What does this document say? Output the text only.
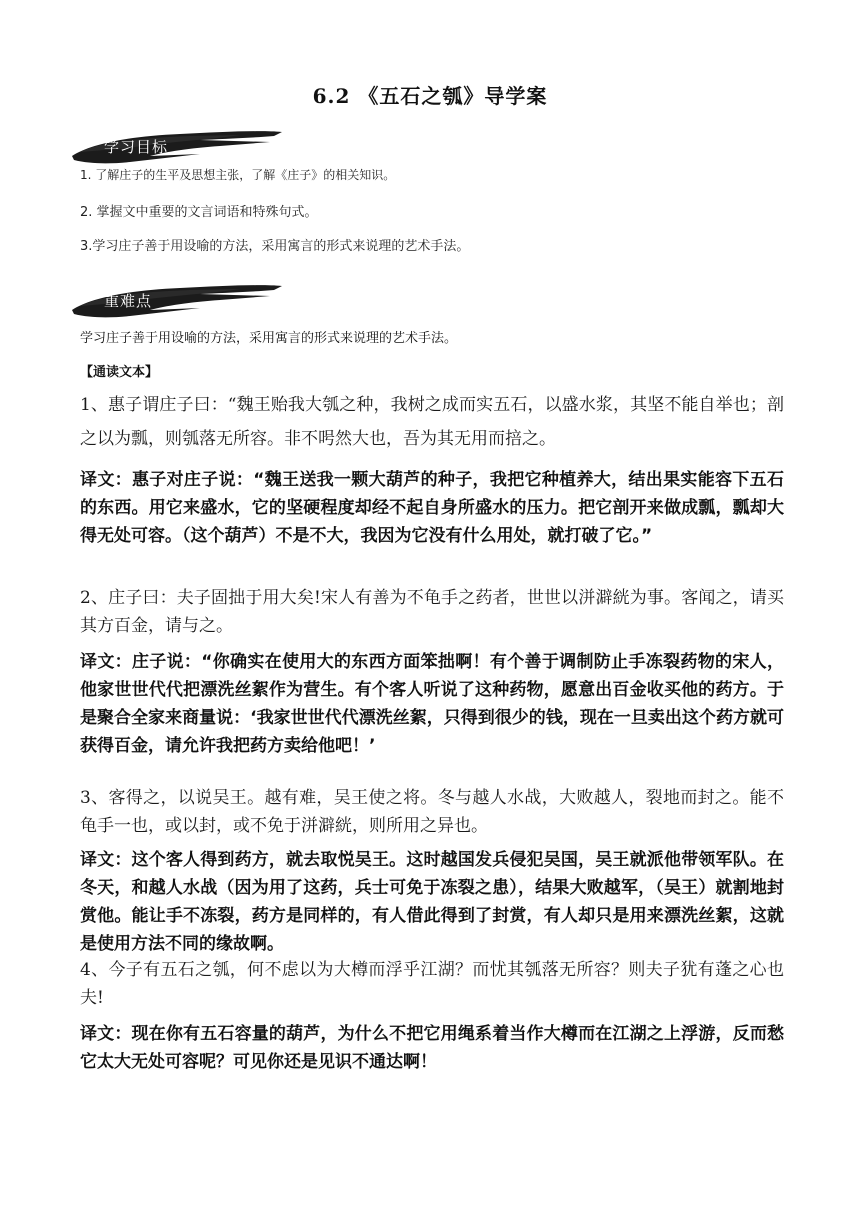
6.2 《五石之瓠》导学案
学习目标
1. 了解庄子的生平及思想主张，了解《庄子》的相关知识。
2. 掌握文中重要的文言词语和特殊句式。
3.学习庄子善于用设喻的方法，采用寓言的形式来说理的艺术手法。
重难点
学习庄子善于用设喻的方法，采用寓言的形式来说理的艺术手法。
【通读文本】
1、惠子谓庄子曰：“魏王贻我大瓠之种，我树之成而实五石，以盛水浆，其坚不能自举也；剖之以为瓢，则瓠落无所容。非不呺然大也，吾为其无用而掊之。
译文：惠子对庄子说：“魏王送我一颗大葫芦的种子，我把它种植养大，结出果实能容下五石的东西。用它来盛水，它的坚硬程度却经不起自身所盛水的压力。把它剖开来做成瓢，瓢却大得无处可容。（这个葫芦）不是不大，我因为它没有什么用处，就打破了它。”
2、庄子曰：夫子固拙于用大矣!宋人有善为不龟手之药者，世世以洴澼絖为事。客闻之，请买其方百金，请与之。
译文：庄子说：“你确实在使用大的东西方面笨拙啊！有个善于调制防止手冻裂药物的宋人，他家世世代代把漂洗丝絮作为营生。有个客人听说了这种药物，愿意出百金收买他的药方。于是聚合全家来商量说：‘我家世世代代漂洗丝絮，只得到很少的钱，现在一旦卖出这个药方就可获得百金，请允许我把药方卖给他吧！’
3、客得之，以说吴王。越有难，吴王使之将。冬与越人水战，大败越人，裂地而封之。能不龟手一也，或以封，或不免于洴澼絖，则所用之异也。
译文：这个客人得到药方，就去取悦吴王。这时越国发兵侵犯吴国，吴王就派他带领军队。在冬天，和越人水战（因为用了这药，兵士可免于冻裂之患），结果大败越军，（吴王）就割地封赏他。能让手不冻裂，药方是同样的，有人借此得到了封赏，有人却只是用来漂洗丝絮，这就是使用方法不同的缘故啊。
4、今子有五石之瓠，何不虑以为大樽而浮乎江湖？而忧其瓠落无所容？则夫子犹有蓬之心也夫!
译文：现在你有五石容量的葫芦，为什么不把它用绳系着当作大樽而在江湖之上浮游，反而愁它太大无处可容呢？可见你还是见识不通达啊！
